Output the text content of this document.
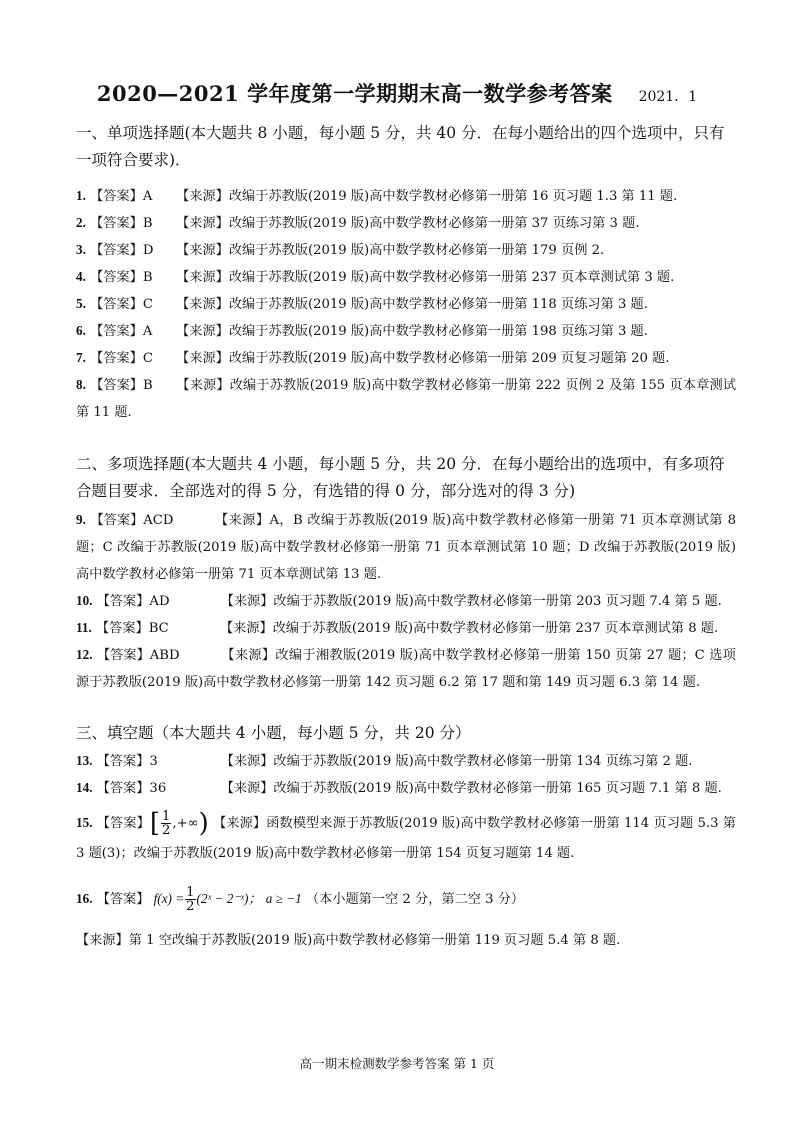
2020—2021 学年度第一学期期末高一数学参考答案 2021．1
一、单项选择题(本大题共 8 小题，每小题 5 分，共 40 分．在每小题给出的四个选项中，只有一项符合要求)．
1. 【答案】A 【来源】改编于苏教版(2019 版)高中数学教材必修第一册第 16 页习题 1.3 第 11 题.
2. 【答案】B 【来源】改编于苏教版(2019 版)高中数学教材必修第一册第 37 页练习第 3 题.
3. 【答案】D 【来源】改编于苏教版(2019 版)高中数学教材必修第一册第 179 页例 2.
4. 【答案】B 【来源】改编于苏教版(2019 版)高中数学教材必修第一册第 237 页本章测试第 3 题.
5. 【答案】C 【来源】改编于苏教版(2019 版)高中数学教材必修第一册第 118 页练习第 3 题.
6. 【答案】A 【来源】改编于苏教版(2019 版)高中数学教材必修第一册第 198 页练习第 3 题.
7. 【答案】C 【来源】改编于苏教版(2019 版)高中数学教材必修第一册第 209 页复习题第 20 题.
8. 【答案】B 【来源】改编于苏教版(2019 版)高中数学教材必修第一册第 222 页例 2 及第 155 页本章测试第 11 题.
二、多项选择题(本大题共 4 小题，每小题 5 分，共 20 分．在每小题给出的选项中，有多项符合题目要求．全部选对的得 5 分，有选错的得 0 分，部分选对的得 3 分)
9. 【答案】ACD	【来源】A，B 改编于苏教版(2019 版)高中数学教材必修第一册第 71 页本章测试第 8 题；C 改编于苏教版(2019 版)高中数学教材必修第一册第 71 页本章测试第 10 题；D 改编于苏教版(2019 版)高中数学教材必修第一册第 71 页本章测试第 13 题.
10. 【答案】AD	【来源】改编于苏教版(2019 版)高中数学教材必修第一册第 203 页习题 7.4 第 5 题.
11. 【答案】BC	【来源】改编于苏教版(2019 版)高中数学教材必修第一册第 237 页本章测试第 8 题.
12. 【答案】ABD	【来源】改编于湘教版(2019 版)高中数学教材必修第一册第 150 页第 27 题；C 选项源于苏教版(2019 版)高中数学教材必修第一册第 142 页习题 6.2 第 17 题和第 149 页习题 6.3 第 14 题.
三、填空题（本大题共 4 小题，每小题 5 分，共 20 分）
13. 【答案】3	【来源】改编于苏教版(2019 版)高中数学教材必修第一册第 134 页练习第 2 题.
14. 【答案】36	【来源】改编于苏教版(2019 版)高中数学教材必修第一册第 165 页习题 7.1 第 8 题.
15. 【答案】[ $\frac{1}{2}$ ,+∞) 【来源】函数模型来源于苏教版(2019 版)高中数学教材必修第一册第 114 页习题 5.3 第 3 题(3)；改编于苏教版(2019 版)高中数学教材必修第一册第 154 页复习题第 14 题.
16. 【答案】 $f(x) = \frac{1}{2}$ (2ˣ − 2⁻ˣ)； a ≥ −1 （本小题第一空 2 分，第二空 3 分）
【来源】第 1 空改编于苏教版(2019 版)高中数学教材必修第一册第 119 页习题 5.4 第 8 题.
高一期末检测数学参考答案 第 1 页
